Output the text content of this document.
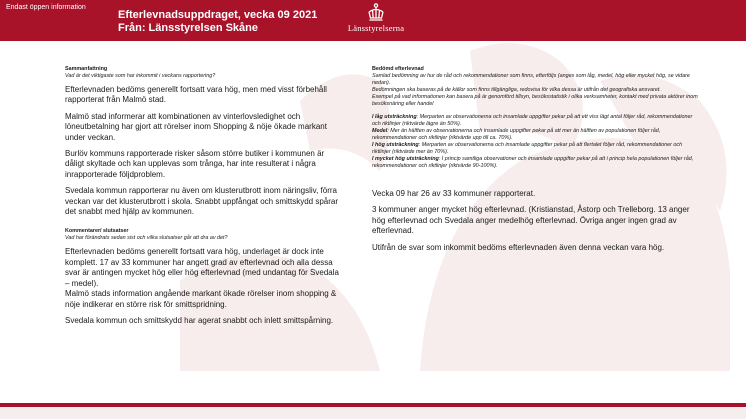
Endast öppen information
Efterlevnadsuppdraget, vecka 09 2021
Från: Länsstyrelsen Skåne	Länsstyrelserna
Sammanfattning
Vad är det viktigaste som har inkommit i veckans rapportering?

Efterlevnaden bedöms generellt fortsatt vara hög, men med visst förbehåll rapporterat från Malmö stad.

Malmö stad informerar att kombinationen av vinterlovsledighet och löneutbetalning har gjort att rörelser inom Shopping & nöje ökade markant under veckan.

Burlöv kommuns rapporterade risker såsom större butiker i kommunen är dåligt skyltade och kan upplevas som trånga, har inte resulterat i några inrapporterade följdproblem.

Svedala kommun rapporterar nu även om klusterutbrott inom näringsliv, förra veckan var det klusterutbrott i skola. Snabbt uppfångat och smittskydd spårar det snabbt med hjälp av kommunen.

Kommentarer/ slutsatser
Vad har förändrats sedan sist och vilka slutsatser går att dra av det?

Efterlevnaden bedöms generellt fortsatt vara hög, underlaget är dock inte komplett. 17 av 33 kommuner har angett grad av efterlevnad och alla dessa svar är antingen mycket hög eller hög efterlevnad (med undantag för Svedala – medel).

Malmö stads information angående markant ökade rörelser inom shopping & nöje indikerar en större risk för smittspridning.

Svedala kommun och smittskydd har agerat snabbt och inlett smittspårning.

Bedömd efterlevnad

Samlad bedömning av hur de råd och rekommendationer som finns, efterföljs (anges som låg, medel, hög eller mycket hög, se vidare nedan).

Bedömningen ska baseras på de källor som finns tillgängliga, redovisa för vilka dessa är utifrån det geografiska ansvaret.

Exempel på vad informationen kan basera på är genomförd tillsyn, besöksstatistik i olika verksamheter, kontakt med privata aktörer inom besöksnäring eller handel

I låg utsträckning: Merparten av observationerna och insamlade uppgifter pekar på att ett viss lägt antal följer råd, rekommendationer och riktlinjer (riktvärde lägre än 50%).

Medel: Mer än hälften av observationerna och insamlade uppgifter pekar på att mer än hälften av populationen följer råd, rekommendationer och riktlinjer (riktvärde upp till ca. 70%).

I hög utsträckning: Merparten av observationerna och insamlade uppgifter pekar på att flertalet följer råd, rekommendationer och riktlinjer (riktvärde mer än 70%).

I mycket hög utsträckning: I princip samtliga observationer och insamlade uppgifter pekar på att i princip hela populationen följer råd, rekommendationer och riktlinjer (riktvärde 90-100%).

Vecka 09 har 26 av 33 kommuner rapporterat.

3 kommuner anger mycket hög efterlevnad. (Kristianstad, Åstorp och Trelleborg. 13 anger hög efterlevnad och Svedala anger medelhög efterlevnad. Övriga anger ingen grad av efterlevnad.

Utifrån de svar som inkommit bedöms efterlevnaden även denna veckan vara hög.
